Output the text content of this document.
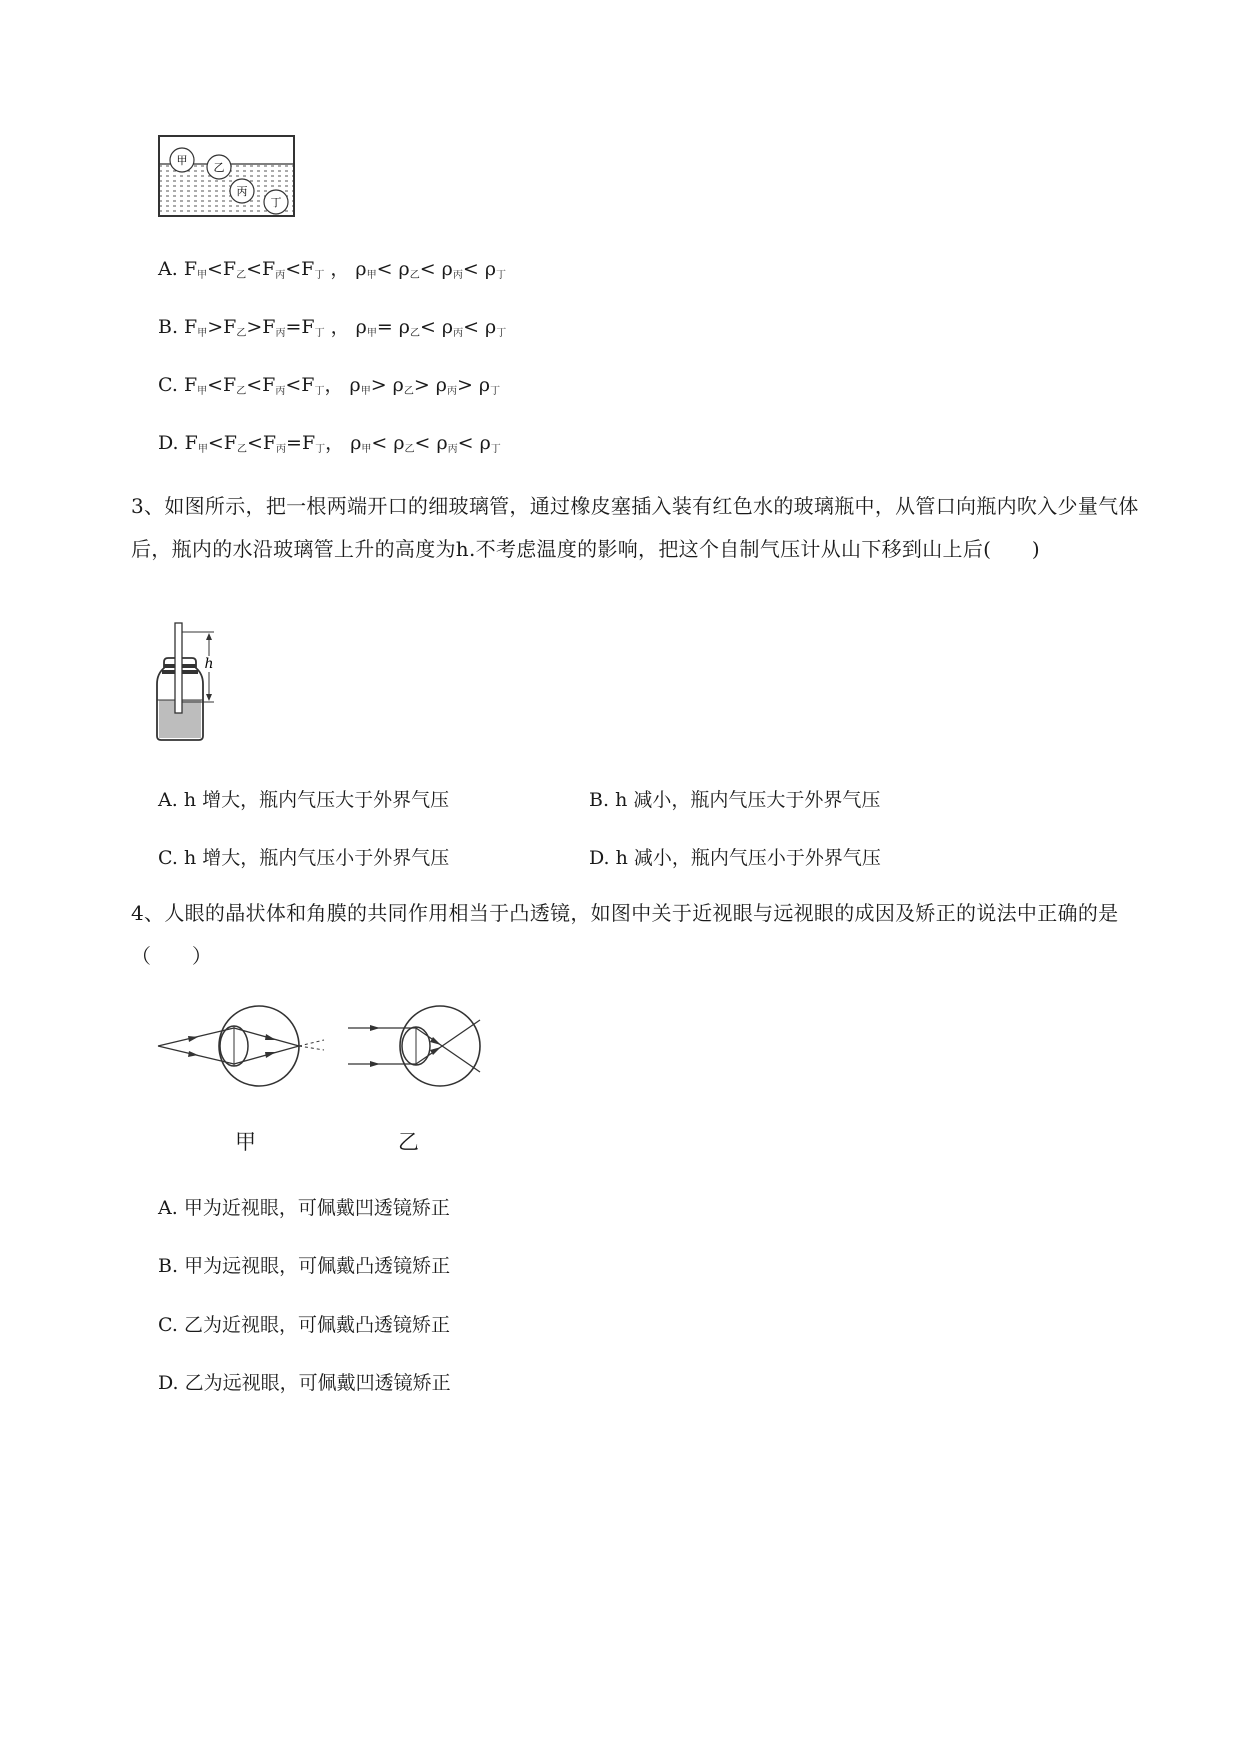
甲
乙
丙
丁
A. $F_甲<F_乙<F_丙<F_丁$ ， $\rho_甲< \rho_乙< \rho_丙< \rho_丁$
B. $F_甲>F_乙>F_丙=F_丁$ ， $\rho_甲= \rho_乙< \rho_丙< \rho_丁$
C. $F_甲<F_乙<F_丙<F_丁$， $\rho_甲> \rho_乙> \rho_丙> \rho_丁$
D. $F_甲<F_乙<F_丙=F_丁$， $\rho_甲< \rho_乙< \rho_丙< \rho_丁$
3、如图所示，把一根两端开口的细玻璃管，通过橡皮塞插入装有红色水的玻璃瓶中，从管口向瓶内吹入少量气体后，瓶内的水沿玻璃管上升的高度为h.不考虑温度的影响，把这个自制气压计从山下移到山上后(　　)
h
A. h 增大，瓶内气压大于外界气压	B. h 减小，瓶内气压大于外界气压
C. h 增大，瓶内气压小于外界气压	D. h 减小，瓶内气压小于外界气压
4、人眼的晶状体和角膜的共同作用相当于凸透镜，如图中关于近视眼与远视眼的成因及矫正的说法中正确的是（　　）
甲	乙
A. 甲为近视眼，可佩戴凹透镜矫正
B. 甲为远视眼，可佩戴凸透镜矫正
C. 乙为近视眼，可佩戴凸透镜矫正
D. 乙为远视眼，可佩戴凹透镜矫正
